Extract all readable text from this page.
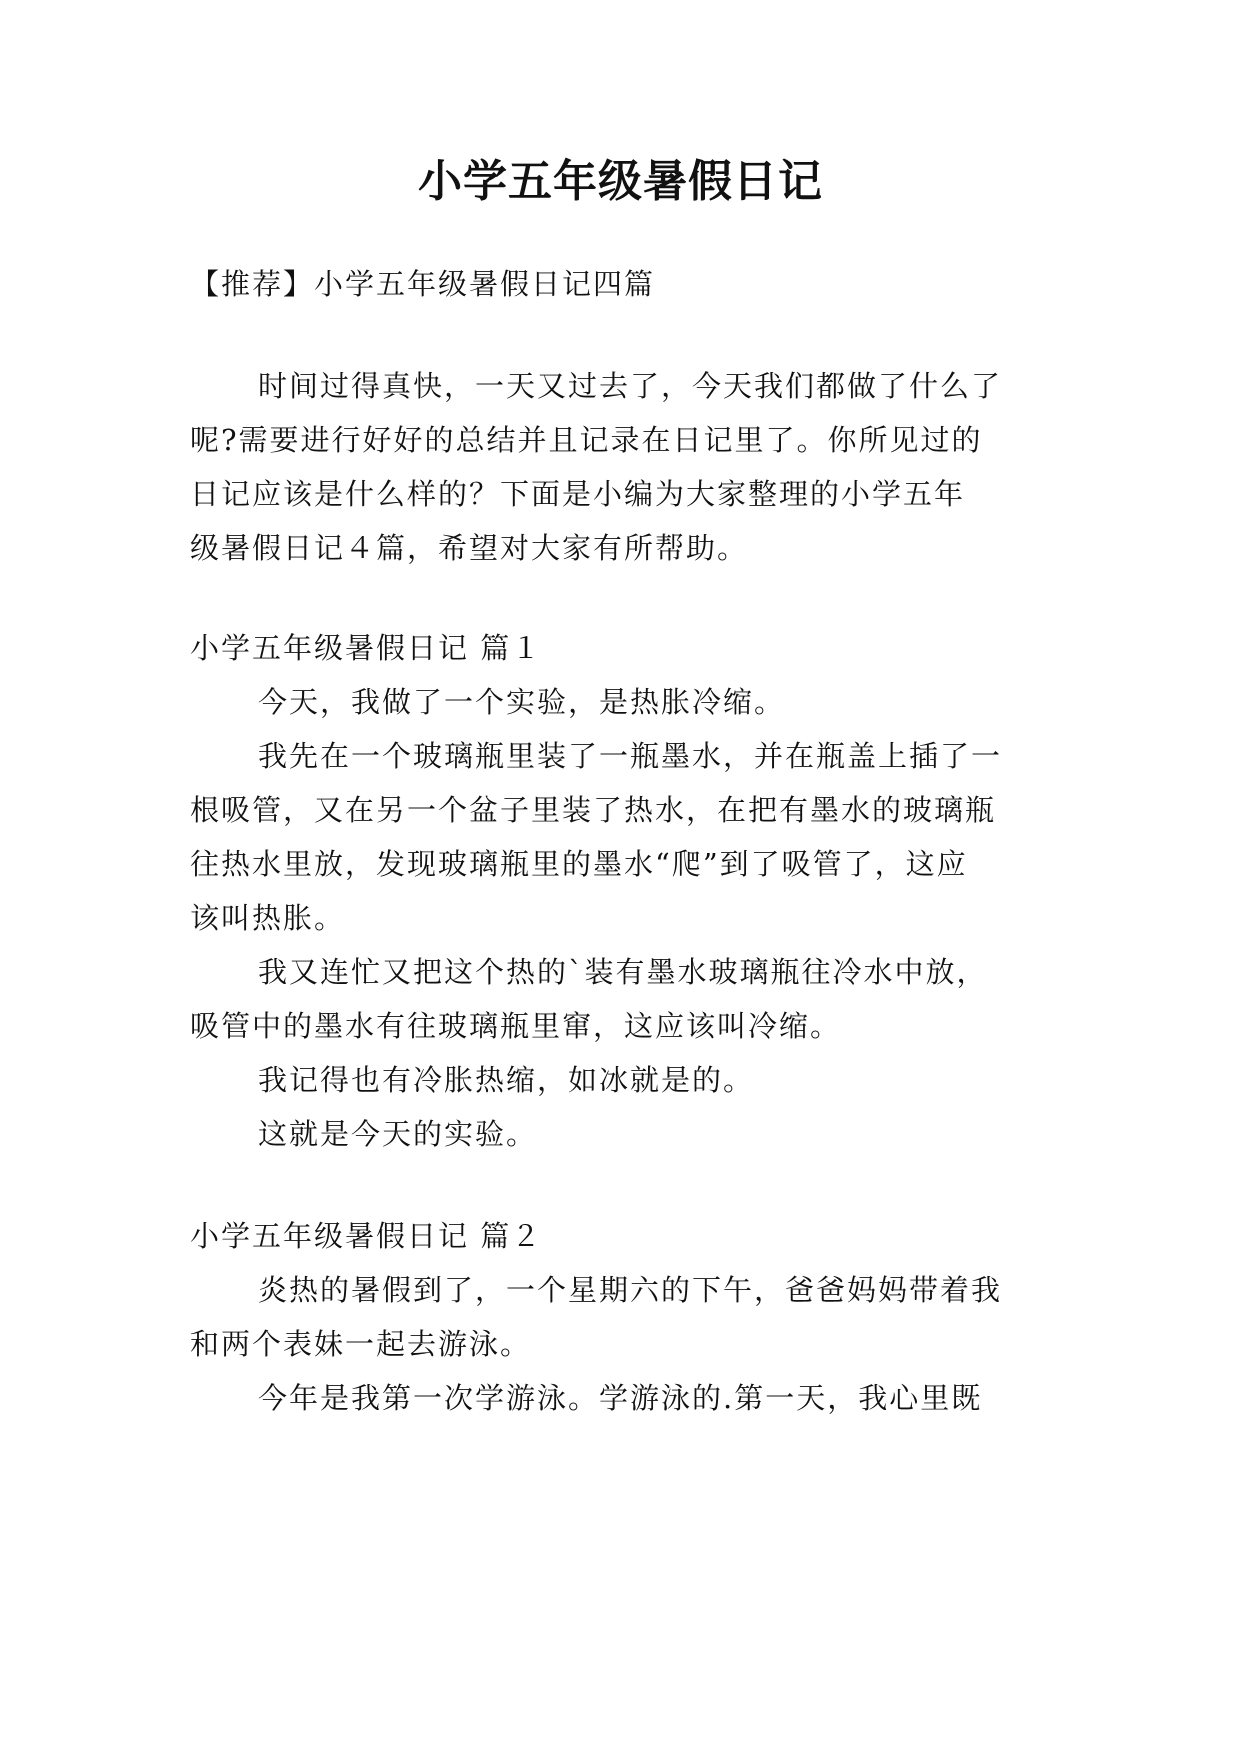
小学五年级暑假日记
【推荐】小学五年级暑假日记四篇
时间过得真快，一天又过去了，今天我们都做了什么了
呢?需要进行好好的总结并且记录在日记里了。你所见过的
日记应该是什么样的？下面是小编为大家整理的小学五年
级暑假日记４篇，希望对大家有所帮助。
小学五年级暑假日记 篇１
今天，我做了一个实验，是热胀冷缩。
我先在一个玻璃瓶里装了一瓶墨水，并在瓶盖上插了一
根吸管，又在另一个盆子里装了热水，在把有墨水的玻璃瓶
往热水里放，发现玻璃瓶里的墨水“爬”到了吸管了，这应
该叫热胀。
我又连忙又把这个热的`装有墨水玻璃瓶往冷水中放，
吸管中的墨水有往玻璃瓶里窜，这应该叫冷缩。
我记得也有冷胀热缩，如冰就是的。
这就是今天的实验。
小学五年级暑假日记 篇２
炎热的暑假到了，一个星期六的下午，爸爸妈妈带着我
和两个表妹一起去游泳。
今年是我第一次学游泳。学游泳的.第一天，我心里既
